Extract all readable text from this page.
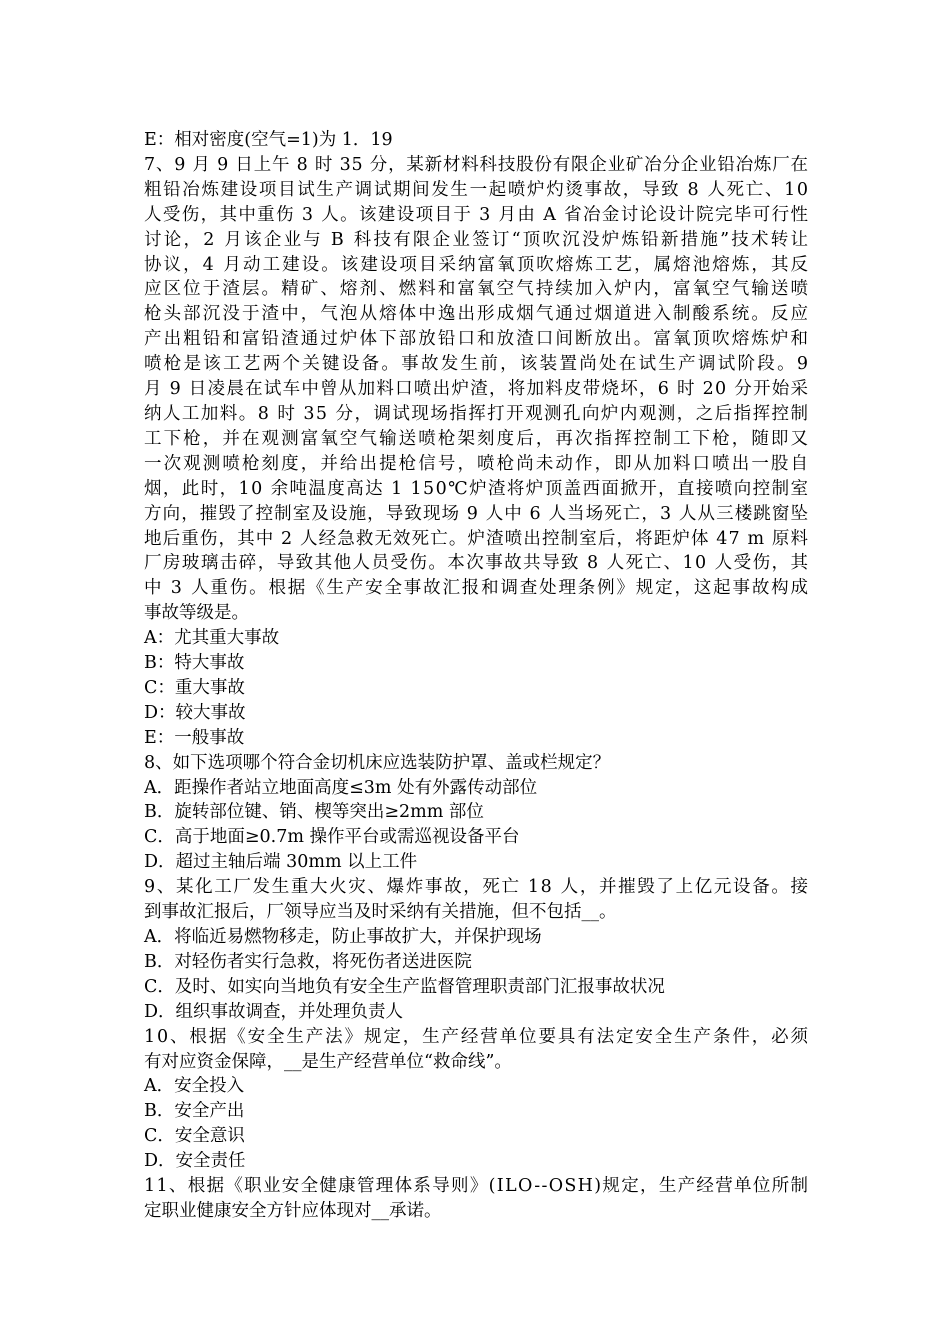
E：相对密度(空气=1)为 1．19
7、9 月 9 日上午 8 时 35 分，某新材料科技股份有限企业矿冶分企业铅冶炼厂在
粗铅冶炼建设项目试生产调试期间发生一起喷炉灼烫事故，导致 8 人死亡、10
人受伤，其中重伤 3 人。该建设项目于 3 月由 A 省冶金讨论设计院完毕可行性
讨论，2 月该企业与 B 科技有限企业签订“顶吹沉没炉炼铅新措施”技术转让
协议，4 月动工建设。该建设项目采纳富氧顶吹熔炼工艺，属熔池熔炼，其反
应区位于渣层。精矿、熔剂、燃料和富氧空气持续加入炉内，富氧空气输送喷
枪头部沉没于渣中，气泡从熔体中逸出形成烟气通过烟道进入制酸系统。反应
产出粗铅和富铅渣通过炉体下部放铅口和放渣口间断放出。富氧顶吹熔炼炉和
喷枪是该工艺两个关键设备。事故发生前，该装置尚处在试生产调试阶段。9
月 9 日凌晨在试车中曾从加料口喷出炉渣，将加料皮带烧坏，6 时 20 分开始采
纳人工加料。8 时 35 分，调试现场指挥打开观测孔向炉内观测，之后指挥控制
工下枪，并在观测富氧空气输送喷枪架刻度后，再次指挥控制工下枪，随即又
一次观测喷枪刻度，并给出提枪信号，喷枪尚未动作，即从加料口喷出一股自
烟，此时，10 余吨温度高达 1 150℃炉渣将炉顶盖西面掀开，直接喷向控制室
方向，摧毁了控制室及设施，导致现场 9 人中 6 人当场死亡，3 人从三楼跳窗坠
地后重伤，其中 2 人经急救无效死亡。炉渣喷出控制室后，将距炉体 47 m 原料
厂房玻璃击碎，导致其他人员受伤。本次事故共导致 8 人死亡、10 人受伤，其
中 3 人重伤。根据《生产安全事故汇报和调查处理条例》规定，这起事故构成
事故等级是。
A：尤其重大事故
B：特大事故
C：重大事故
D：较大事故
E：一般事故
8、如下选项哪个符合金切机床应选装防护罩、盖或栏规定？
A．距操作者站立地面高度≤3m 处有外露传动部位
B．旋转部位键、销、楔等突出≥2mm 部位
C．高于地面≥0.7m 操作平台或需巡视设备平台
D．超过主轴后端 30mm 以上工件
9、某化工厂发生重大火灾、爆炸事故，死亡 18 人，并摧毁了上亿元设备。接
到事故汇报后，厂领导应当及时采纳有关措施，但不包括__。
A．将临近易燃物移走，防止事故扩大，并保护现场
B．对轻伤者实行急救，将死伤者送进医院
C．及时、如实向当地负有安全生产监督管理职责部门汇报事故状况
D．组织事故调查，并处理负责人
10、根据《安全生产法》规定，生产经营单位要具有法定安全生产条件，必须
有对应资金保障，__是生产经营单位“救命线”。
A．安全投入
B．安全产出
C．安全意识
D．安全责任
11、根据《职业安全健康管理体系导则》(ILO--OSH)规定，生产经营单位所制
定职业健康安全方针应体现对__承诺。
